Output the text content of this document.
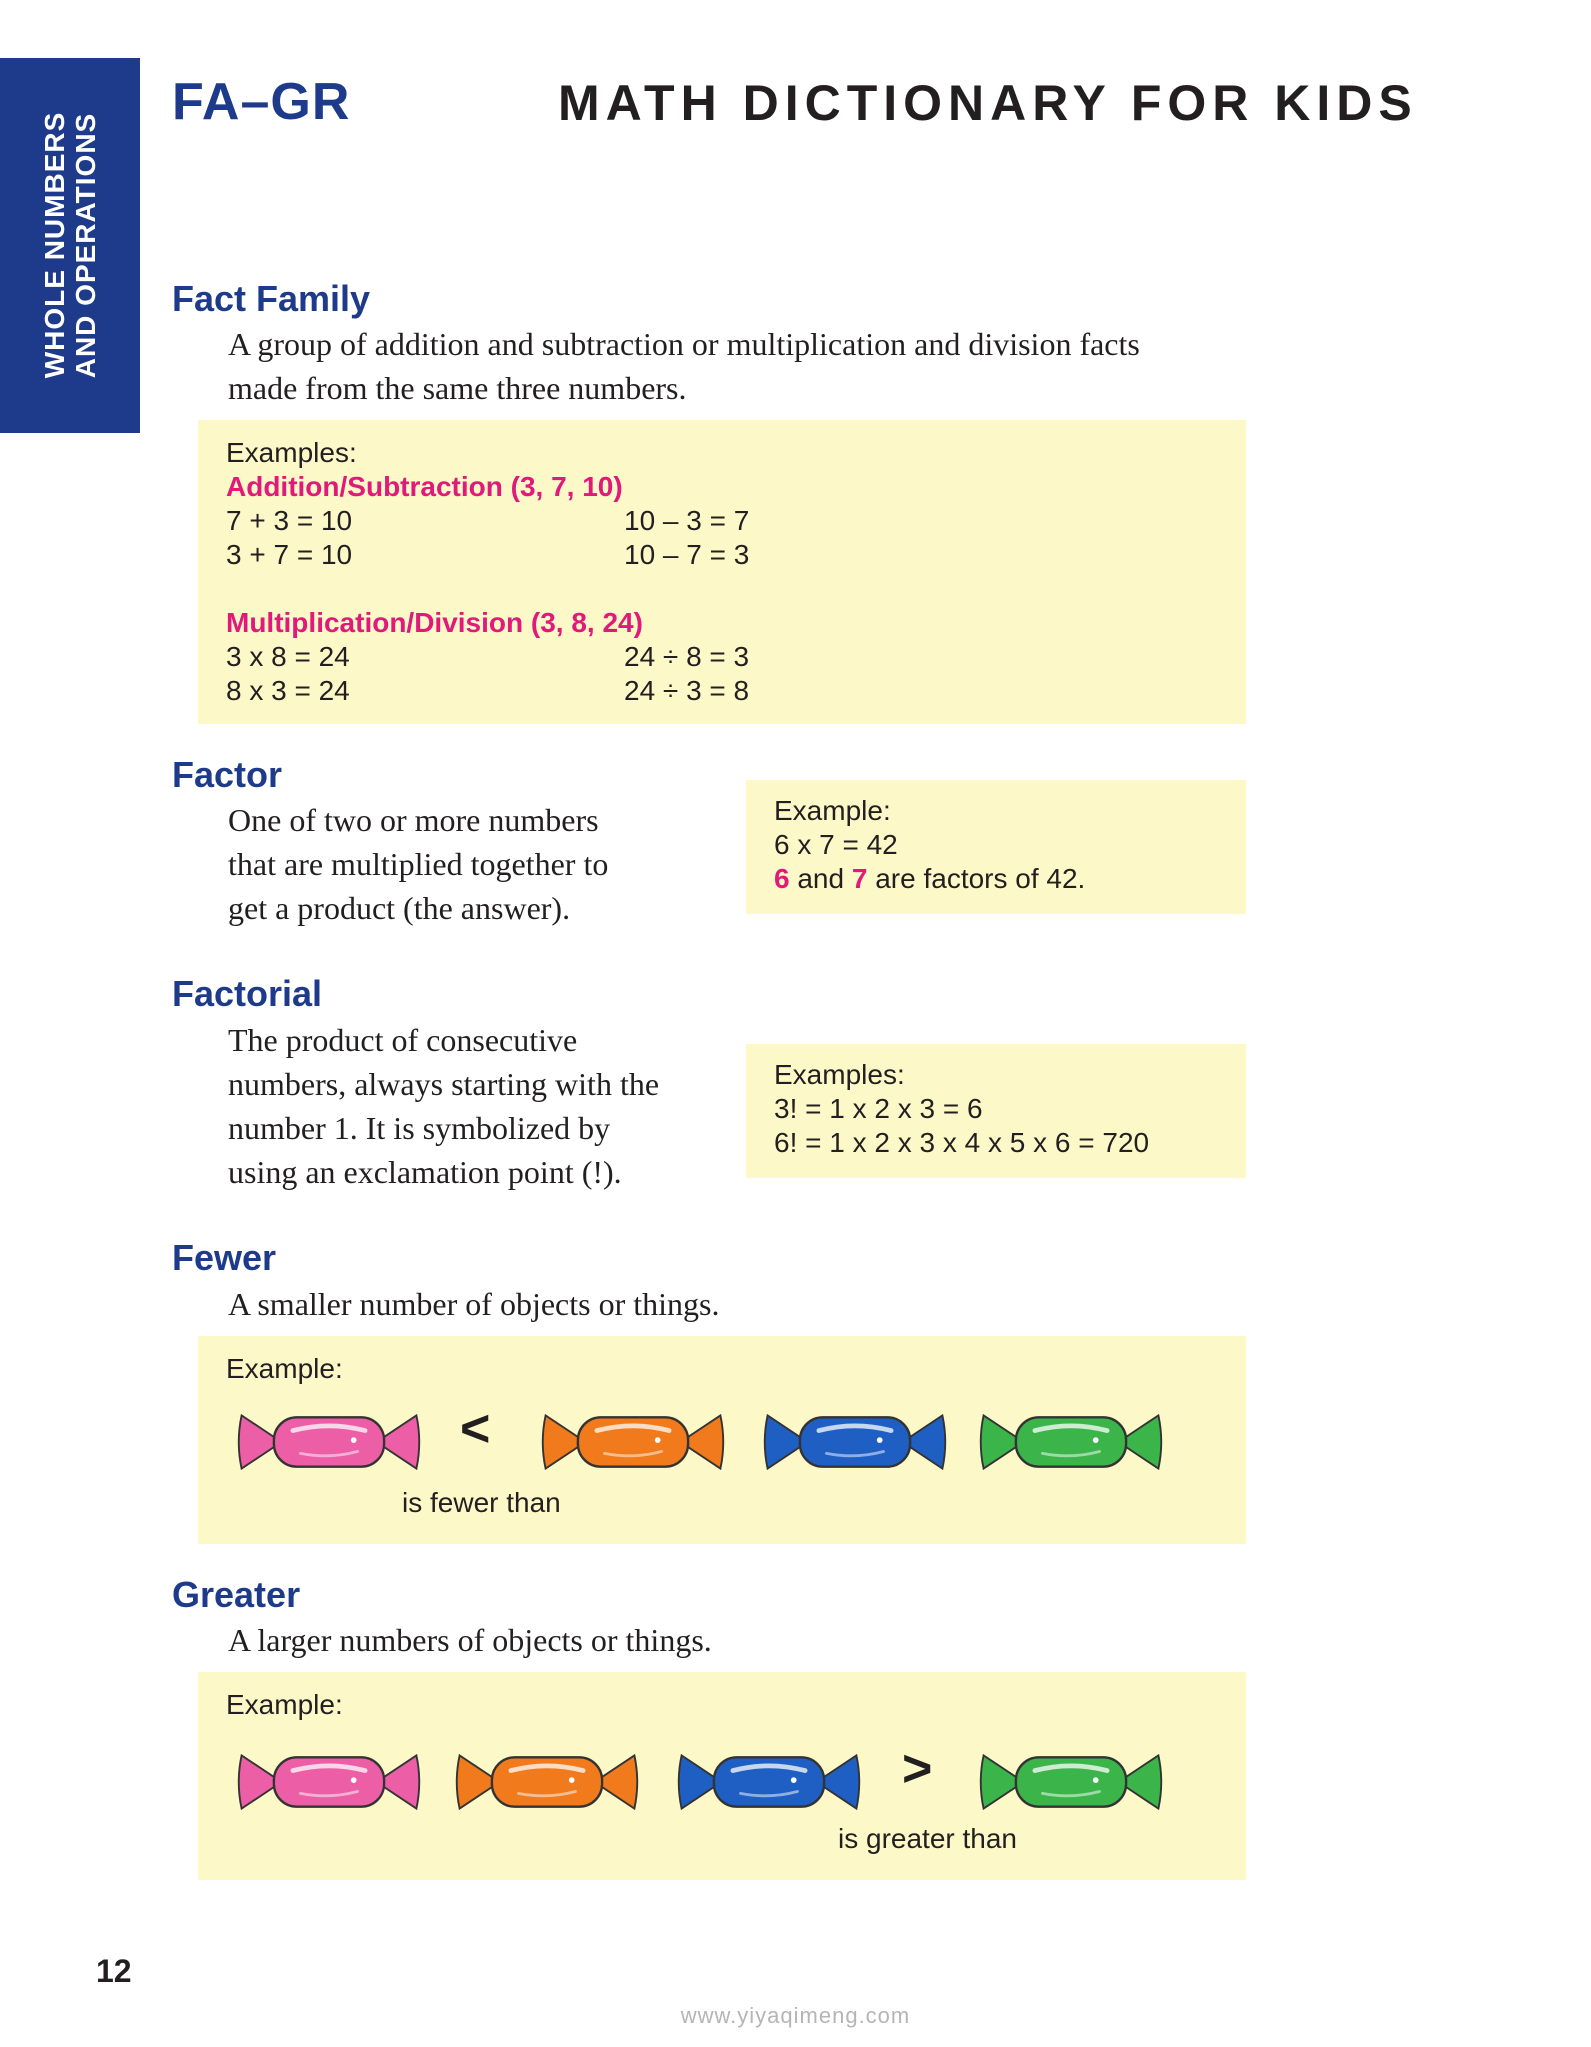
WHOLE NUMBERS AND OPERATIONS
FA–GR	MATH DICTIONARY FOR KIDS
Fact Family
A group of addition and subtraction or multiplication and division facts
made from the same three numbers.
Examples:
Addition/Subtraction (3, 7, 10)
7 + 3 = 10	10 – 3 = 7
3 + 7 = 10	10 – 7 = 3
Multiplication/Division (3, 8, 24)
3 x 8 = 24	24 ÷ 8 = 3
8 x 3 = 24	24 ÷ 3 = 8
Factor
One of two or more numbers
that are multiplied together to
get a product (the answer).
Example:
6 x 7 = 42
6 and 7 are factors of 42.
Factorial
The product of consecutive
numbers, always starting with the
number 1. It is symbolized by
using an exclamation point (!).
Examples:
3! = 1 x 2 x 3 = 6
6! = 1 x 2 x 3 x 4 x 5 x 6 = 720
Fewer
A smaller number of objects or things.
Example:
<
is fewer than
Greater
A larger numbers of objects or things.
Example:
>
is greater than
12
www.yiyaqimeng.com
